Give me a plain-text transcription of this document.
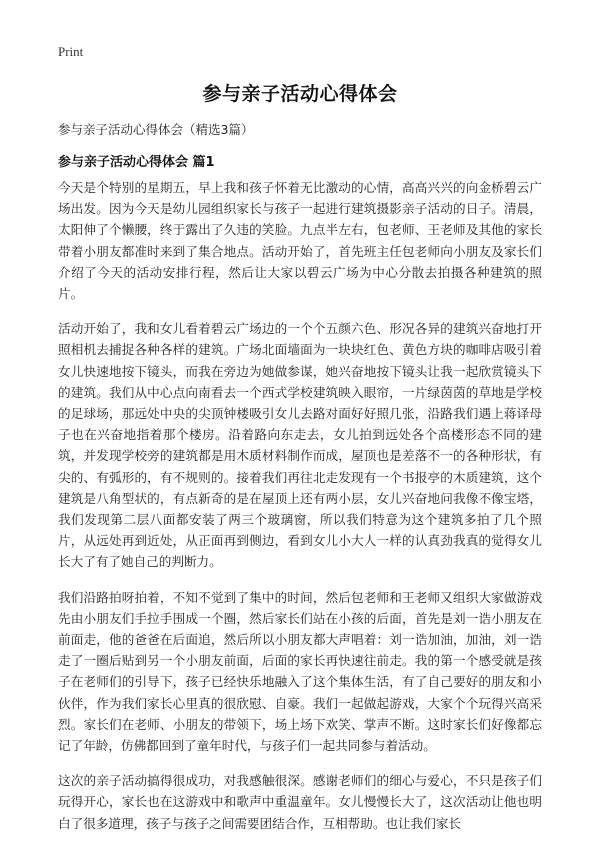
Print
参与亲子活动心得体会
参与亲子活动心得体会（精选3篇）
参与亲子活动心得体会 篇1

今天是个特别的星期五，早上我和孩子怀着无比激动的心情，高高兴兴的向金桥碧云广场出发。因为今天是幼儿园组织家长与孩子一起进行建筑摄影亲子活动的日子。清晨，太阳伸了个懒腰，终于露出了久违的笑脸。九点半左右，包老师、王老师及其他的家长带着小朋友都准时来到了集合地点。活动开始了，首先班主任包老师向小朋友及家长们介绍了今天的活动安排行程，然后让大家以碧云广场为中心分散去拍摄各种建筑的照片。

活动开始了，我和女儿看着碧云广场边的一个个五颜六色、形况各异的建筑兴奋地打开照相机去捕捉各种各样的建筑。广场北面墙面为一块块红色、黄色方块的咖啡店吸引着女儿快速地按下镜头，而我在旁边为她做参谋，她兴奋地按下镜头让我一起欣赏镜头下的建筑。我们从中心点向南看去一个西式学校建筑映入眼帘，一片绿茵茵的草地是学校的足球场，那远处中央的尖顶钟楼吸引女儿去路对面好好照几张，沿路我们遇上蒋译母子也在兴奋地指着那个楼房。沿着路向东走去，女儿拍到远处各个高楼形态不同的建筑，并发现学校旁的建筑都是用木质材料制作而成，屋顶也是差落不一的各种形状，有尖的、有弧形的，有不规则的。接着我们再往北走发现有一个书报亭的木质建筑，这个建筑是八角型状的，有点新奇的是在屋顶上还有两小层，女儿兴奋地问我像不像宝塔，我们发现第二层八面都安装了两三个玻璃窗，所以我们特意为这个建筑多拍了几个照片，从远处再到近处，从正面再到侧边，看到女儿小大人一样的认真劲我真的觉得女儿长大了有了她自己的判断力。

我们沿路拍呀拍着，不知不觉到了集中的时间，然后包老师和王老师又组织大家做游戏先由小朋友们手拉手围成一个圈，然后家长们站在小孩的后面，首先是刘一诰小朋友在前面走，他的爸爸在后面追，然后所以小朋友都大声唱着：刘一诰加油，加油，刘一诰走了一圈后贴到另一个小朋友前面，后面的家长再快速往前走。我的第一个感受就是孩子在老师们的引导下，孩子已经快乐地融入了这个集体生活，有了自己要好的朋友和小伙伴，作为我们家长心里真的很欣慰、自豪。我们一起做起游戏，大家个个玩得兴高采烈。家长们在老师、小朋友的带领下，场上场下欢笑、掌声不断。这时家长们好像都忘记了年龄，仿佛都回到了童年时代，与孩子们一起共同参与着活动。

这次的亲子活动搞得很成功，对我感触很深。感谢老师们的细心与爱心，不只是孩子们玩得开心，家长也在这游戏中和歌声中重温童年。女儿慢慢长大了，这次活动让他也明白了很多道理，孩子与孩子之间需要团结合作，互相帮助。也让我们家长
